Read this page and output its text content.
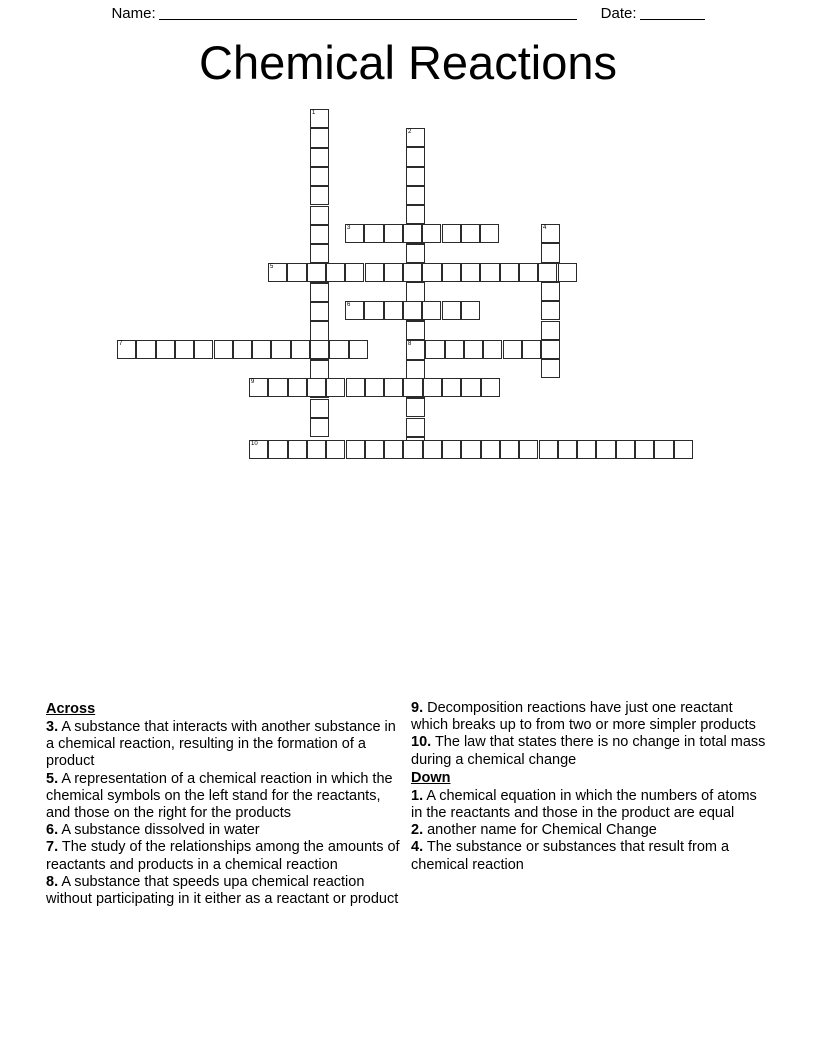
Name:	Date:
Chemical Reactions
1
2
8
3	4
5
6
7
9
10
Across
3. A substance that interacts with another substance in a chemical reaction, resulting in the formation of a product
5. A representation of a chemical reaction in which the chemical symbols on the left stand for the reactants, and those on the right for the products
6. A substance dissolved in water
7. The study of the relationships among the amounts of reactants and products in a chemical reaction
8. A substance that speeds upa chemical reaction without participating in it either as a reactant or product
9. Decomposition reactions have just one reactant which breaks up to from two or more simpler products
10. The law that states there is no change in total mass during a chemical change
Down
1. A chemical equation in which the numbers of atoms in the reactants and those in the product are equal
2. another name for Chemical Change
4. The substance or substances that result from a chemical reaction
